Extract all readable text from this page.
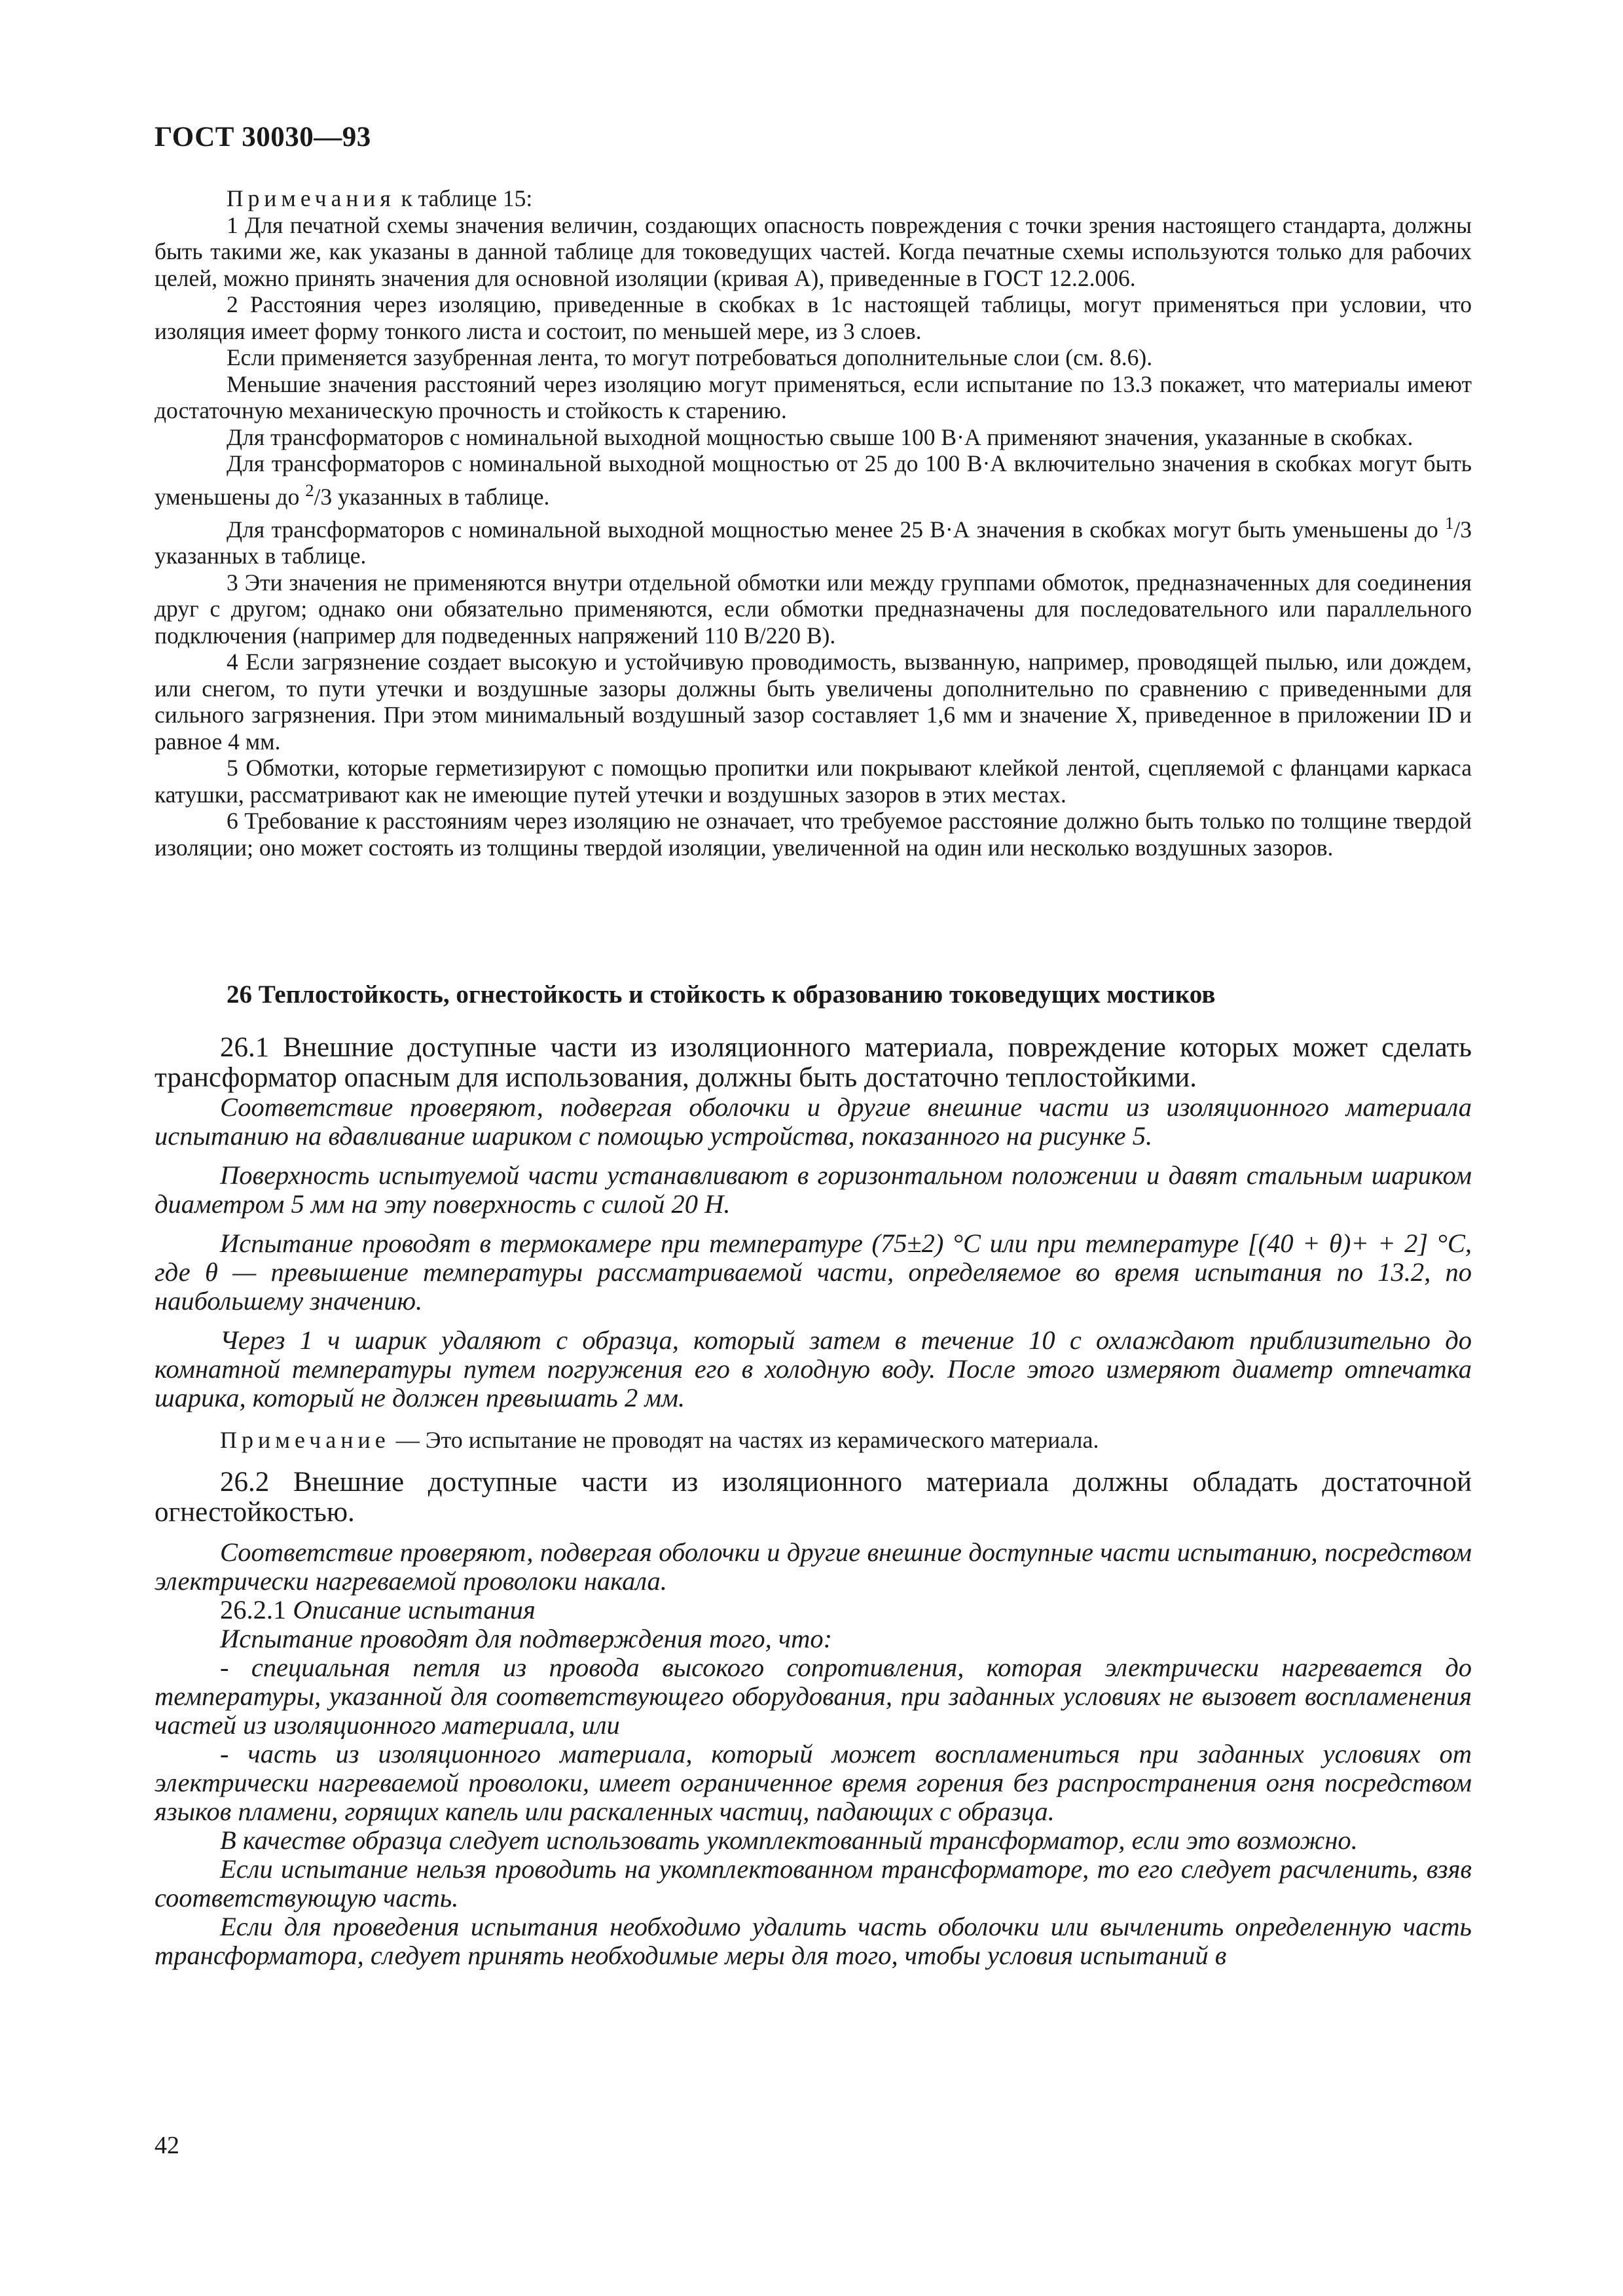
ГОСТ 30030—93

Примечания к таблице 15:

1 Для печатной схемы значения величин, создающих опасность повреждения с точки зрения настоящего стандарта, должны быть такими же, как указаны в данной таблице для токоведущих частей. Когда печатные схемы используются только для рабочих целей, можно принять значения для основной изоляции (кривая А), приведенные в ГОСТ 12.2.006.

2 Расстояния через изоляцию, приведенные в скобках в 1с настоящей таблицы, могут применяться при условии, что изоляция имеет форму тонкого листа и состоит, по меньшей мере, из 3 слоев.

Если применяется зазубренная лента, то могут потребоваться дополнительные слои (см. 8.6).

Меньшие значения расстояний через изоляцию могут применяться, если испытание по 13.3 покажет, что материалы имеют достаточную механическую прочность и стойкость к старению.

Для трансформаторов с номинальной выходной мощностью свыше 100 В·А применяют значения, указанные в скобках.

Для трансформаторов с номинальной выходной мощностью от 25 до 100 В·А включительно значения в скобках могут быть уменьшены до $^2$/3 указанных в таблице.

Для трансформаторов с номинальной выходной мощностью менее 25 В·А значения в скобках могут быть уменьшены до $^1$/3 указанных в таблице.

3 Эти значения не применяются внутри отдельной обмотки или между группами обмоток, предназначенных для соединения друг с другом; однако они обязательно применяются, если обмотки предназначены для последовательного или параллельного подключения (например для подведенных напряжений 110 В/220 В).

4 Если загрязнение создает высокую и устойчивую проводимость, вызванную, например, проводящей пылью, или дождем, или снегом, то пути утечки и воздушные зазоры должны быть увеличены дополнительно по сравнению с приведенными для сильного загрязнения. При этом минимальный воздушный зазор составляет 1,6 мм и значение X, приведенное в приложении ID и равное 4 мм.

5 Обмотки, которые герметизируют с помощью пропитки или покрывают клейкой лентой, сцепляемой с фланцами каркаса катушки, рассматривают как не имеющие путей утечки и воздушных зазоров в этих местах.

6 Требование к расстояниям через изоляцию не означает, что требуемое расстояние должно быть только по толщине твердой изоляции; оно может состоять из толщины твердой изоляции, увеличенной на один или несколько воздушных зазоров.

26 Теплостойкость, огнестойкость и стойкость к образованию токоведущих мостиков

26.1 Внешние доступные части из изоляционного материала, повреждение которых может сделать трансформатор опасным для использования, должны быть достаточно теплостойкими.

Соответствие проверяют, подвергая оболочки и другие внешние части из изоляционного материала испытанию на вдавливание шариком с помощью устройства, показанного на рисунке 5.

Поверхность испытуемой части устанавливают в горизонтальном положении и давят стальным шариком диаметром 5 мм на эту поверхность с силой 20 Н.

Испытание проводят в термокамере при температуре (75±2) °С или при температуре [(40 + θ)+ + 2] °С, где θ — превышение температуры рассматриваемой части, определяемое во время испытания по 13.2, по наибольшему значению.

Через 1 ч шарик удаляют с образца, который затем в течение 10 с охлаждают приблизительно до комнатной температуры путем погружения его в холодную воду. После этого измеряют диаметр отпечатка шарика, который не должен превышать 2 мм.

Примечание — Это испытание не проводят на частях из керамического материала.

26.2 Внешние доступные части из изоляционного материала должны обладать достаточной огнестойкостью.

Соответствие проверяют, подвергая оболочки и другие внешние доступные части испытанию, посредством электрически нагреваемой проволоки накала.

26.2.1 Описание испытания

Испытание проводят для подтверждения того, что:

- специальная петля из провода высокого сопротивления, которая электрически нагревается до температуры, указанной для соответствующего оборудования, при заданных условиях не вызовет воспламенения частей из изоляционного материала, или

- часть из изоляционного материала, который может воспламениться при заданных условиях от электрически нагреваемой проволоки, имеет ограниченное время горения без распространения огня посредством языков пламени, горящих капель или раскаленных частиц, падающих с образца.

В качестве образца следует использовать укомплектованный трансформатор, если это возможно.

Если испытание нельзя проводить на укомплектованном трансформаторе, то его следует расчленить, взяв соответствующую часть.

Если для проведения испытания необходимо удалить часть оболочки или вычленить определенную часть трансформатора, следует принять необходимые меры для того, чтобы условия испытаний в

42
